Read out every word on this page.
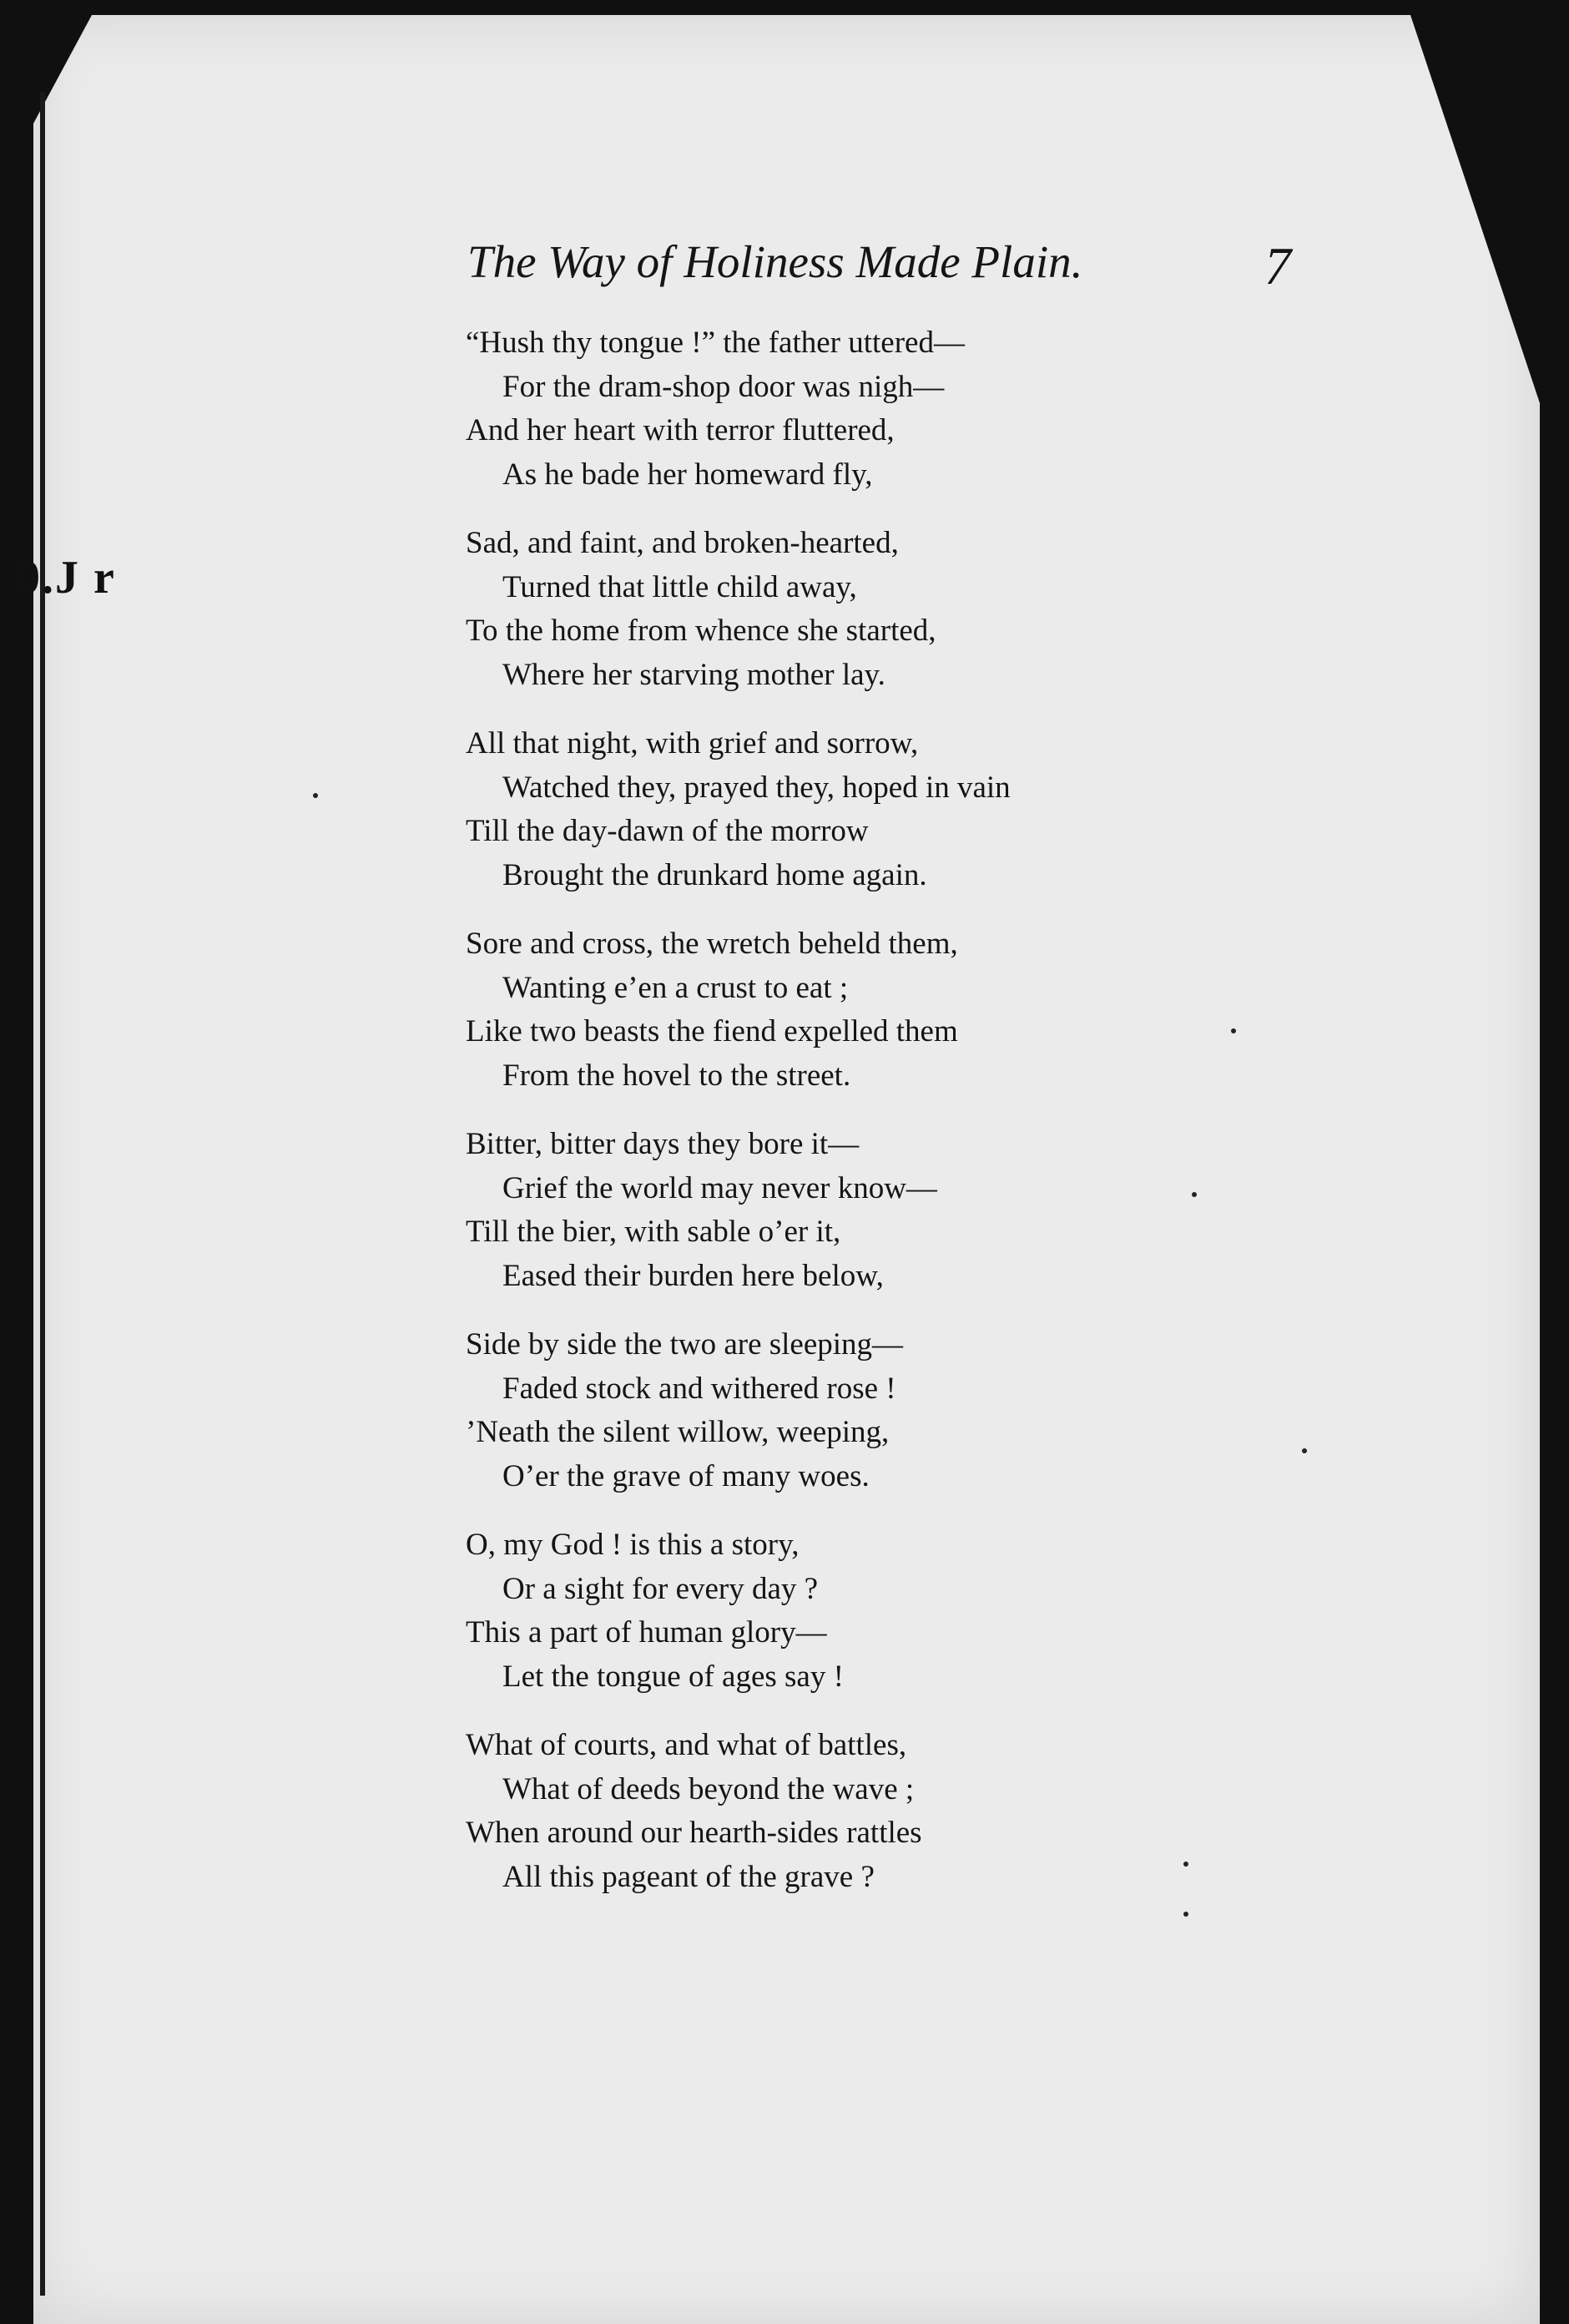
0.J r
The Way of Holiness Made Plain.	7
“Hush thy tongue !” the father uttered—
For the dram-shop door was nigh—
And her heart with terror fluttered,
As he bade her homeward fly,
Sad, and faint, and broken-hearted,
Turned that little child away,
To the home from whence she started,
Where her starving mother lay.
All that night, with grief and sorrow,
Watched they, prayed they, hoped in vain
Till the day-dawn of the morrow
Brought the drunkard home again.
Sore and cross, the wretch beheld them,
Wanting e’en a crust to eat ;
Like two beasts the fiend expelled them
From the hovel to the street.
Bitter, bitter days they bore it—
Grief the world may never know—
Till the bier, with sable o’er it,
Eased their burden here below,
Side by side the two are sleeping—
Faded stock and withered rose !
’Neath the silent willow, weeping,
O’er the grave of many woes.
O, my God ! is this a story,
Or a sight for every day ?
This a part of human glory—
Let the tongue of ages say !
What of courts, and what of battles,
What of deeds beyond the wave ;
When around our hearth-sides rattles
All this pageant of the grave ?
